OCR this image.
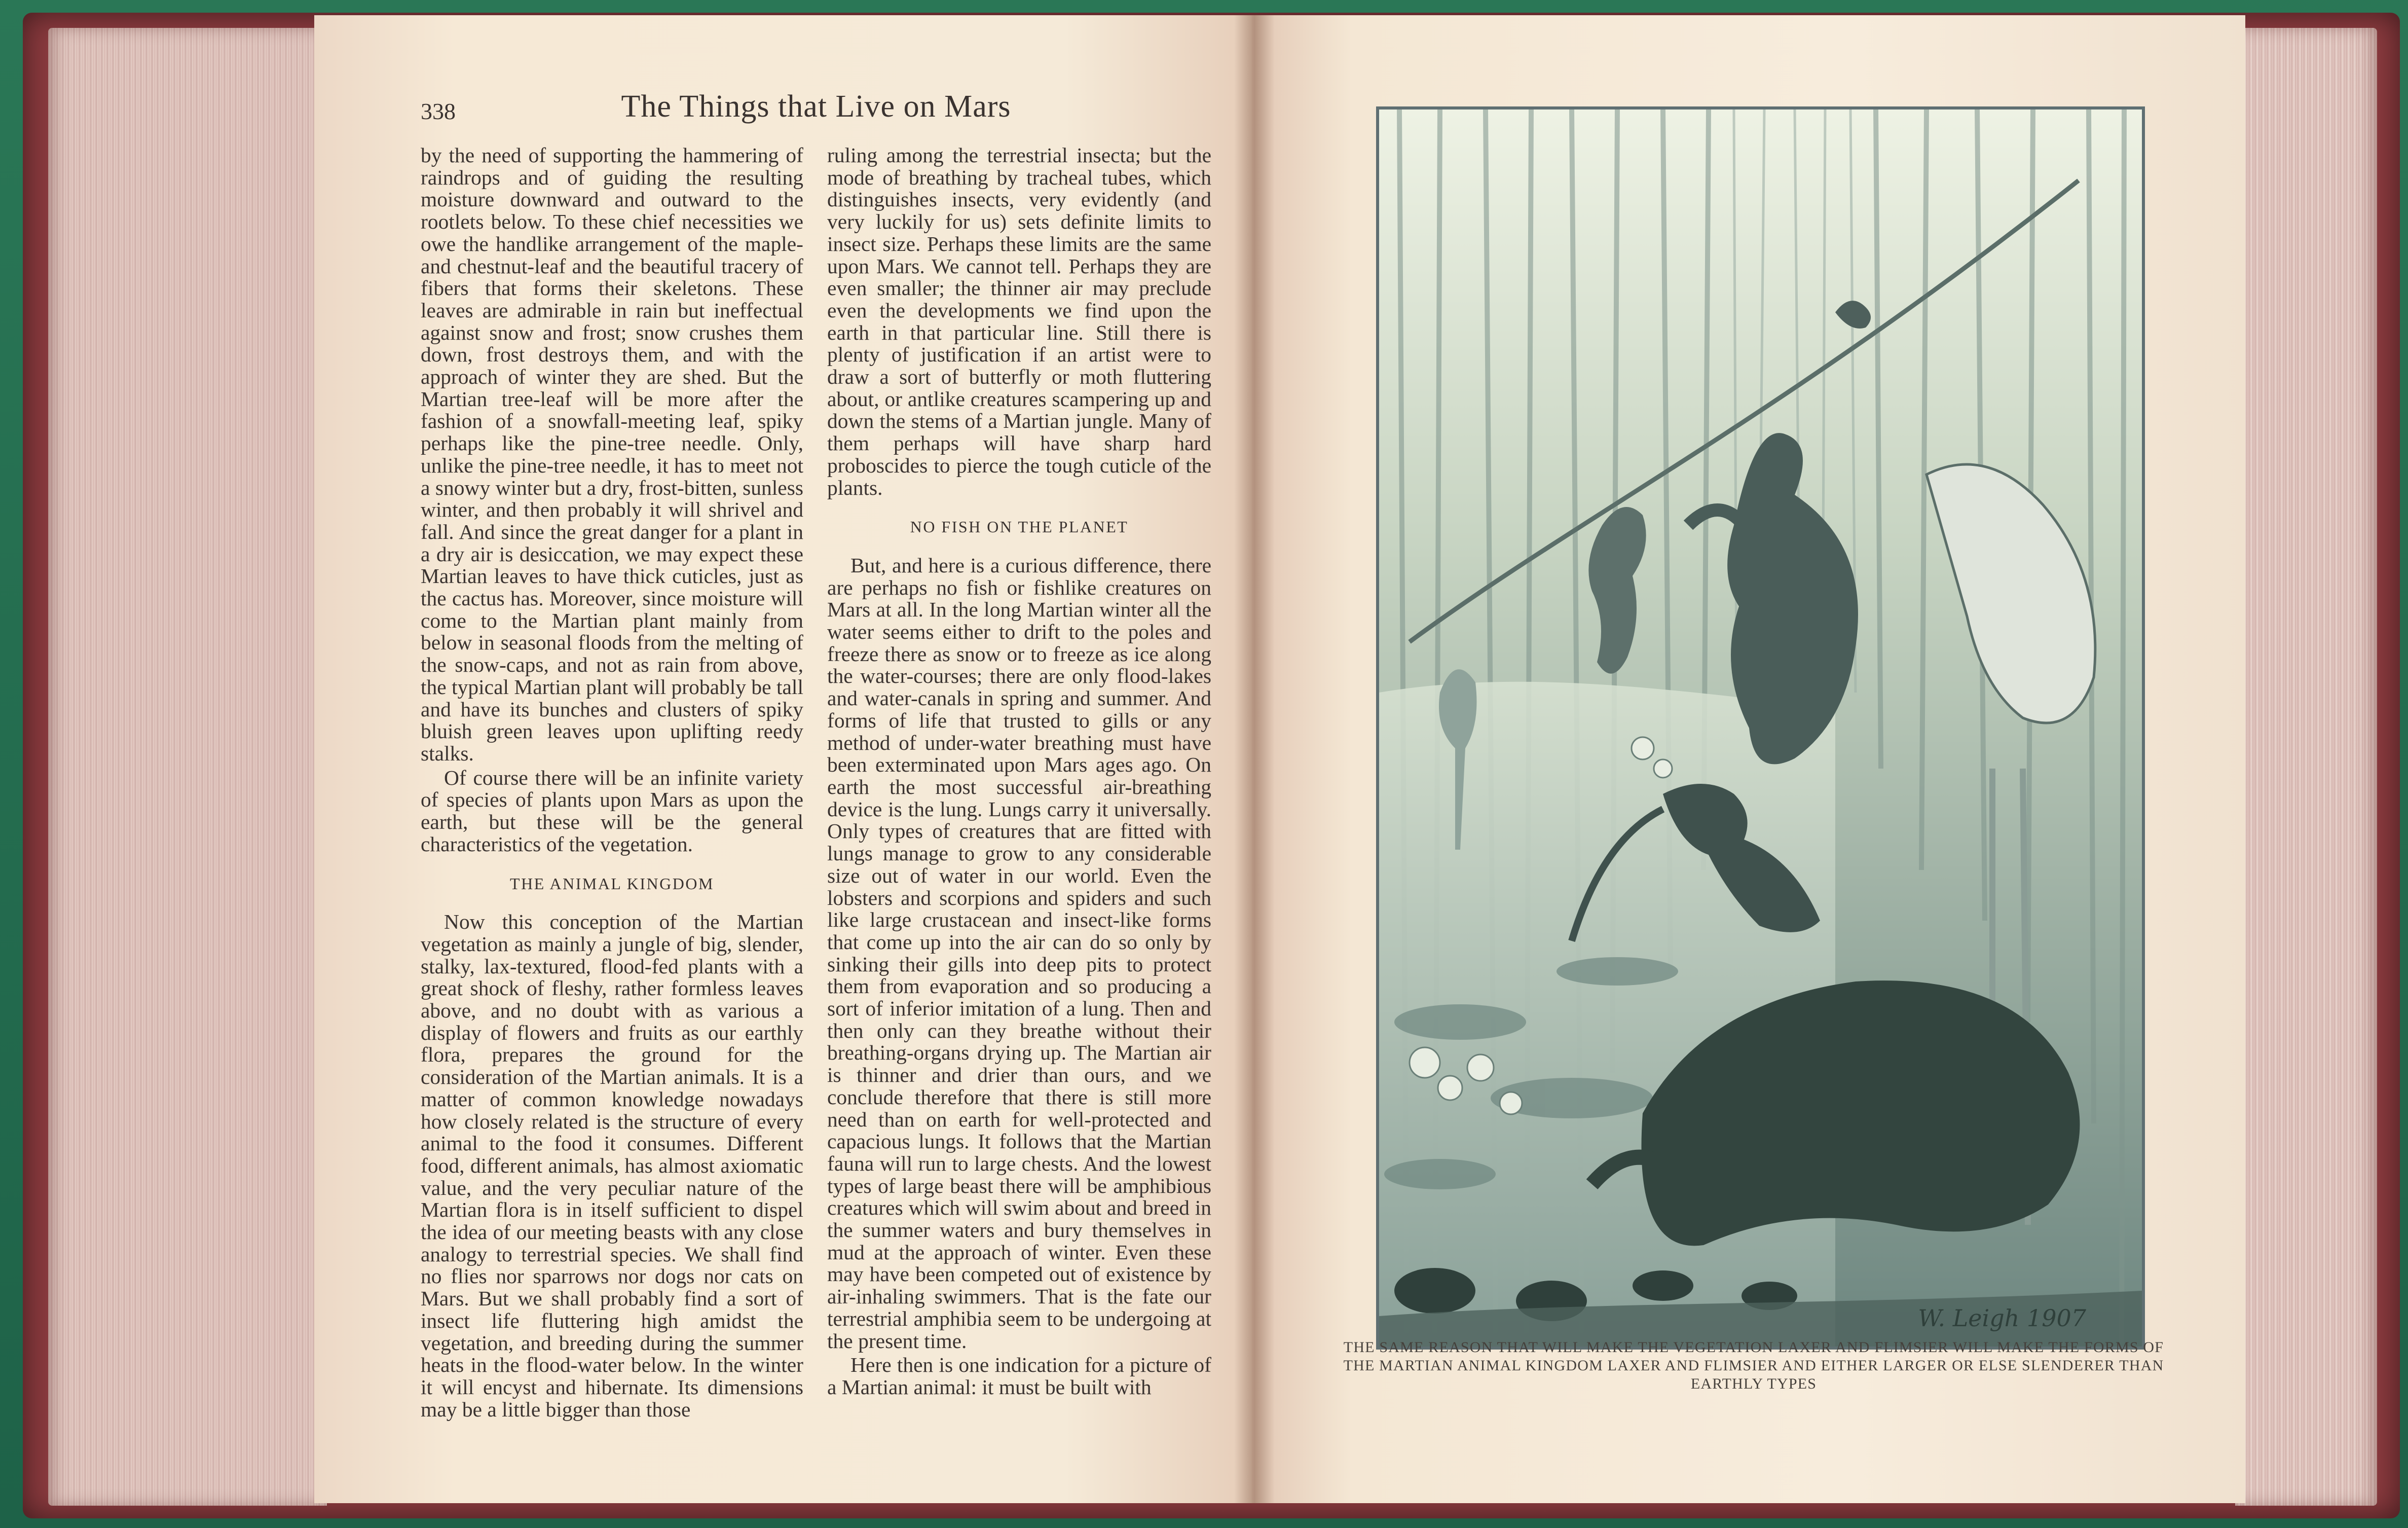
338	The Things that Live on Mars

by the need of supporting the hammering of raindrops and of guiding the resulting moisture downward and outward to the rootlets below. To these chief necessities we owe the handlike arrangement of the maple- and chestnut-leaf and the beautiful tracery of fibers that forms their skeletons. These leaves are admirable in rain but ineffectual against snow and frost; snow crushes them down, frost destroys them, and with the approach of winter they are shed. But the Martian tree-leaf will be more after the fashion of a snowfall-meeting leaf, spiky perhaps like the pine-tree needle. Only, unlike the pine-tree needle, it has to meet not a snowy winter but a dry, frost-bitten, sunless winter, and then probably it will shrivel and fall. And since the great danger for a plant in a dry air is desiccation, we may expect these Martian leaves to have thick cuticles, just as the cactus has. Moreover, since moisture will come to the Martian plant mainly from below in seasonal floods from the melting of the snow-caps, and not as rain from above, the typical Martian plant will probably be tall and have its bunches and clusters of spiky bluish green leaves upon uplifting reedy stalks.

Of course there will be an infinite variety of species of plants upon Mars as upon the earth, but these will be the general characteristics of the vegetation.

THE ANIMAL KINGDOM

Now this conception of the Martian vegetation as mainly a jungle of big, slender, stalky, lax-textured, flood-fed plants with a great shock of fleshy, rather formless leaves above, and no doubt with as various a display of flowers and fruits as our earthly flora, prepares the ground for the consideration of the Martian animals. It is a matter of common knowledge nowadays how closely related is the structure of every animal to the food it consumes. Different food, different animals, has almost axiomatic value, and the very peculiar nature of the Martian flora is in itself sufficient to dispel the idea of our meeting beasts with any close analogy to terrestrial species. We shall find no flies nor sparrows nor dogs nor cats on Mars. But we shall probably find a sort of insect life fluttering high amidst the vegetation, and breeding during the summer heats in the flood-water below. In the winter it will encyst and hibernate. Its dimensions may be a little bigger than those

ruling among the terrestrial insecta; but the mode of breathing by tracheal tubes, which distinguishes insects, very evidently (and very luckily for us) sets definite limits to insect size. Perhaps these limits are the same upon Mars. We cannot tell. Perhaps they are even smaller; the thinner air may preclude even the developments we find upon the earth in that particular line. Still there is plenty of justification if an artist were to draw a sort of butterfly or moth fluttering about, or antlike creatures scampering up and down the stems of a Martian jungle. Many of them perhaps will have sharp hard proboscides to pierce the tough cuticle of the plants.

NO FISH ON THE PLANET

But, and here is a curious difference, there are perhaps no fish or fishlike creatures on Mars at all. In the long Martian winter all the water seems either to drift to the poles and freeze there as snow or to freeze as ice along the water-courses; there are only flood-lakes and water-canals in spring and summer. And forms of life that trusted to gills or any method of under-water breathing must have been exterminated upon Mars ages ago. On earth the most successful air-breathing device is the lung. Lungs carry it universally. Only types of creatures that are fitted with lungs manage to grow to any considerable size out of water in our world. Even the lobsters and scorpions and spiders and such like large crustacean and insect-like forms that come up into the air can do so only by sinking their gills into deep pits to protect them from evaporation and so producing a sort of inferior imitation of a lung. Then and then only can they breathe without their breathing-organs drying up. The Martian air is thinner and drier than ours, and we conclude therefore that there is still more need than on earth for well-protected and capacious lungs. It follows that the Martian fauna will run to large chests. And the lowest types of large beast there will be amphibious creatures which will swim about and breed in the summer waters and bury themselves in mud at the approach of winter. Even these may have been competed out of existence by air-inhaling swimmers. That is the fate our terrestrial amphibia seem to be undergoing at the present time.

Here then is one indication for a picture of a Martian animal: it must be built with

W. Leigh 1907
THE SAME REASON THAT WILL MAKE THE VEGETATION LAXER AND FLIMSIER WILL MAKE THE FORMS OF THE MARTIAN ANIMAL KINGDOM LAXER AND FLIMSIER AND EITHER LARGER OR ELSE SLENDERER THAN EARTHLY TYPES
